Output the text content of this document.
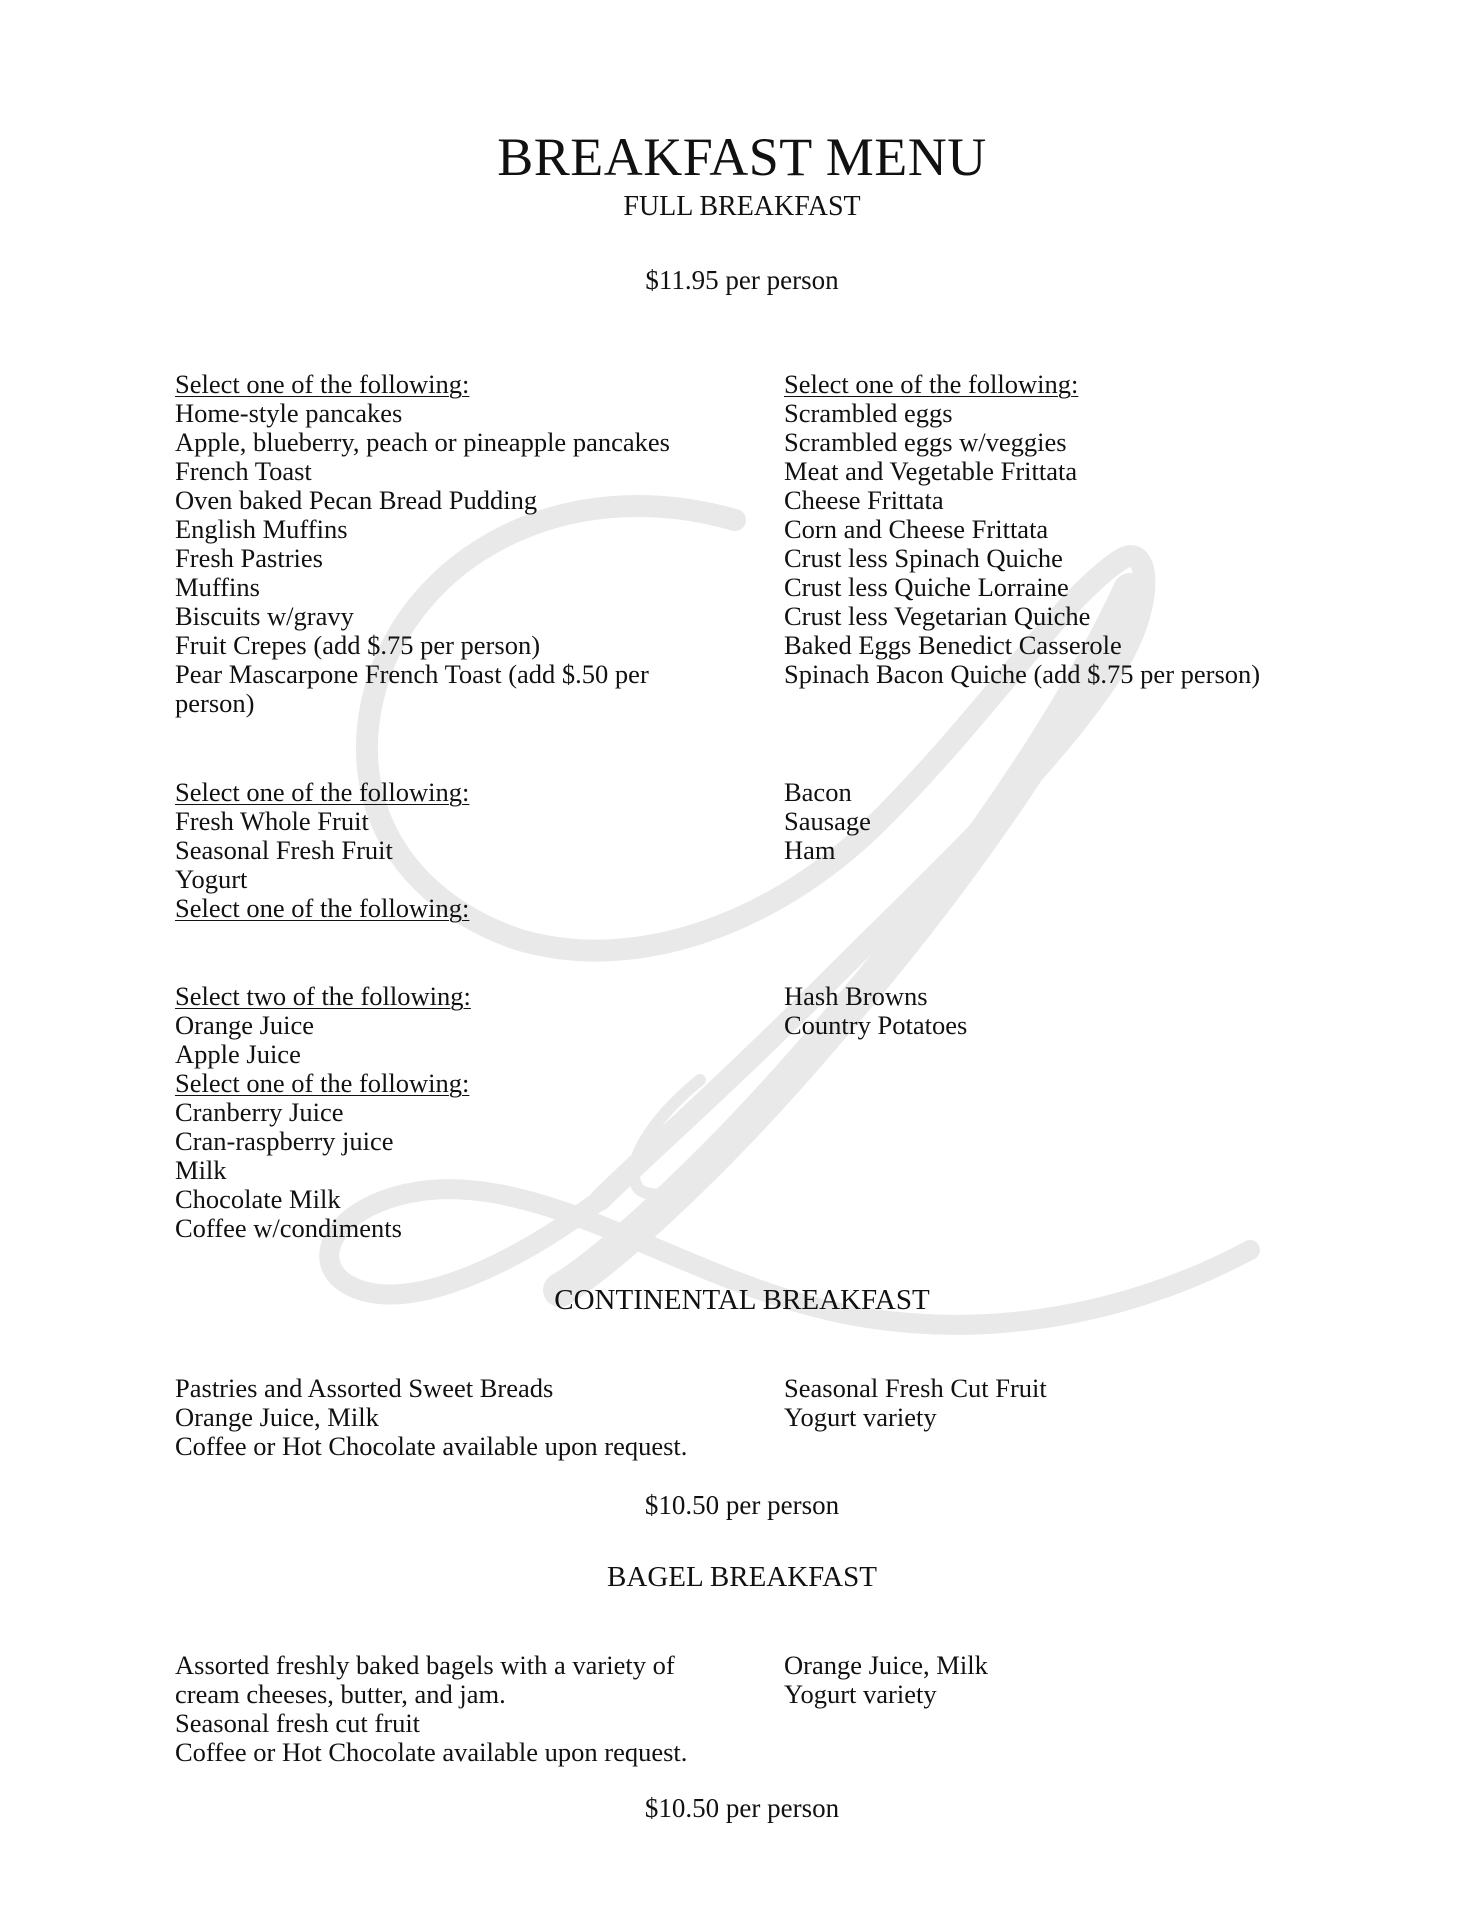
BREAKFAST MENU
FULL BREAKFAST
$11.95 per person
Select one of the following:
Home-style pancakes
Apple, blueberry, peach or pineapple pancakes
French Toast
Oven baked Pecan Bread Pudding
English Muffins
Fresh Pastries
Muffins
Biscuits w/gravy
Fruit Crepes (add $.75 per person)
Pear Mascarpone French Toast (add $.50 per person)
Select one of the following:
Scrambled eggs
Scrambled eggs w/veggies
Meat and Vegetable Frittata
Cheese Frittata
Corn and Cheese Frittata
Crust less Spinach Quiche
Crust less Quiche Lorraine
Crust less Vegetarian Quiche
Baked Eggs Benedict Casserole
Spinach Bacon Quiche (add $.75 per person)
Select one of the following:
Fresh Whole Fruit
Seasonal Fresh Fruit
Yogurt
Select one of the following:
Bacon
Sausage
Ham
Select two of the following:
Orange Juice
Apple Juice
Select one of the following:
Cranberry Juice
Cran-raspberry juice
Milk
Chocolate Milk
Coffee w/condiments
Hash Browns
Country Potatoes
CONTINENTAL BREAKFAST
Pastries and Assorted Sweet Breads
Orange Juice, Milk
Coffee or Hot Chocolate available upon request.
Seasonal Fresh Cut Fruit
Yogurt variety
$10.50 per person
BAGEL BREAKFAST
Assorted freshly baked bagels with a variety of cream cheeses, butter, and jam.
Seasonal fresh cut fruit
Coffee or Hot Chocolate available upon request.
Orange Juice, Milk
Yogurt variety
$10.50 per person
